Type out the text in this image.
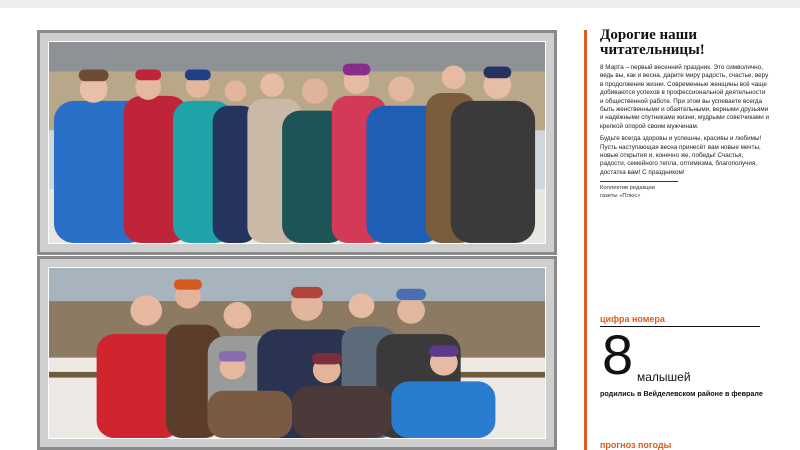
Дорогие наши
читательницы!

8 Марта – первый весенний праздник. Это символично, ведь вы, как и весна, дарите миру радость, счастье, веру в продолжение жизни. Современные женщины всё чаще добиваются успехов в профессиональной деятельности и общественной работе. При этом вы успеваете всегда быть женственными и обаятельными, верными друзьями и надёжными спутниками жизни, мудрыми советчиками и крепкой опорой своим мужчинам.

Будьте всегда здоровы и успешны, красивы и любимы! Пусть наступающая весна принесёт вам новые мечты, новые открытия и, конечно же, победы! Счастья, радости, семейного тепла, оптимизма, благополучия, достатка вам! С праздником!

Коллектив редакции
газеты «Плюс»
цифра номера
8 малышей
родились в Вейделевском районе в феврале
прогноз погоды
